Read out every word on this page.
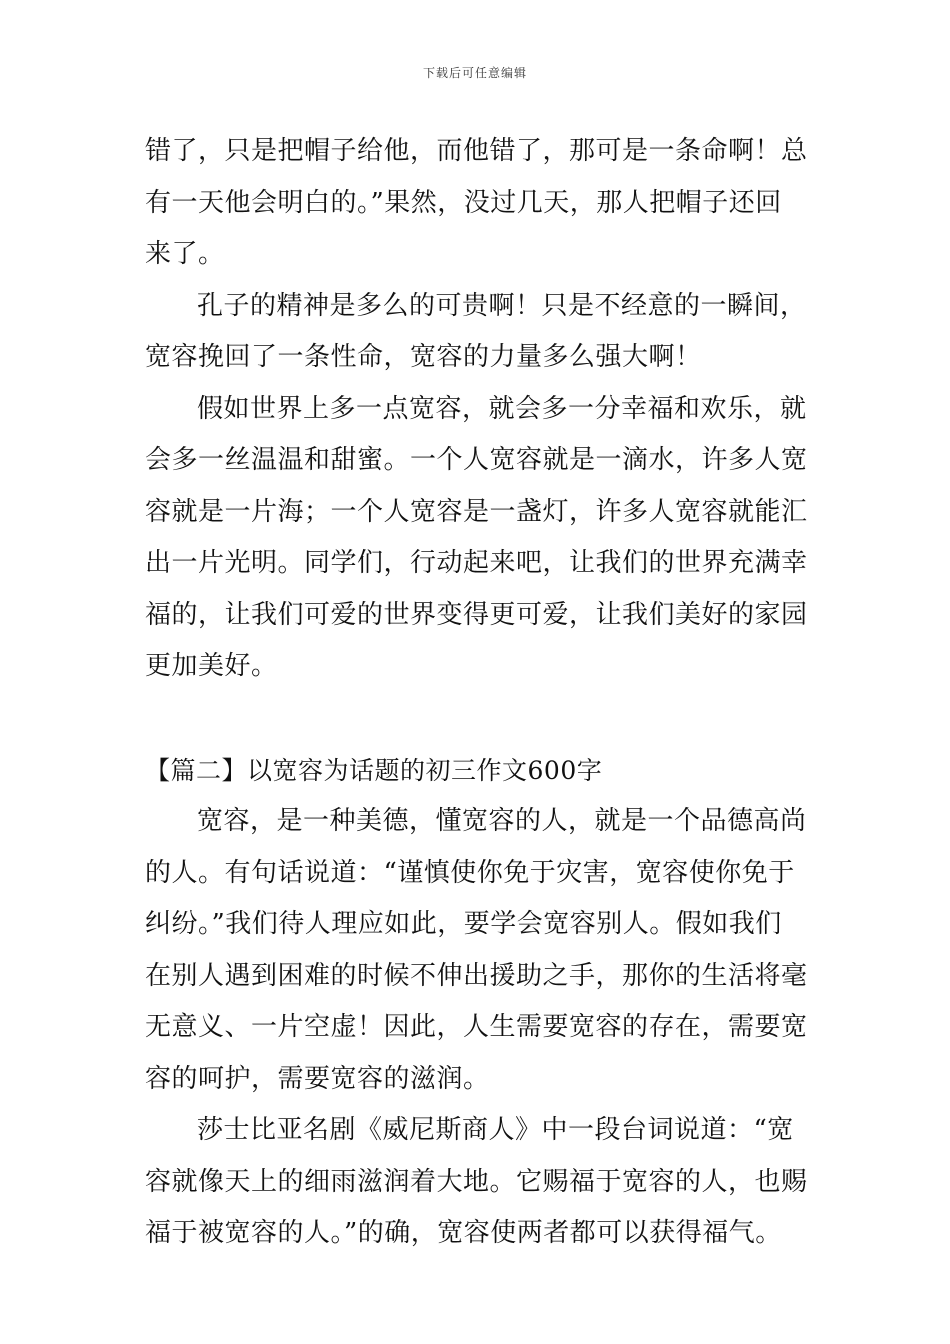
下载后可任意编辑
错了，只是把帽子给他，而他错了，那可是一条命啊！总
有一天他会明白的。”果然，没过几天，那人把帽子还回
来了。
孔子的精神是多么的可贵啊！只是不经意的一瞬间，
宽容挽回了一条性命，宽容的力量多么强大啊！
假如世界上多一点宽容，就会多一分幸福和欢乐，就
会多一丝温温和甜蜜。一个人宽容就是一滴水，许多人宽
容就是一片海；一个人宽容是一盏灯，许多人宽容就能汇
出一片光明。同学们，行动起来吧，让我们的世界充满幸
福的，让我们可爱的世界变得更可爱，让我们美好的家园
更加美好。
【篇二】以宽容为话题的初三作文600字
宽容，是一种美德，懂宽容的人，就是一个品德高尚
的人。有句话说道：“谨慎使你免于灾害，宽容使你免于
纠纷。”我们待人理应如此，要学会宽容别人。假如我们
在别人遇到困难的时候不伸出援助之手，那你的生活将毫
无意义、一片空虚！因此，人生需要宽容的存在，需要宽
容的呵护，需要宽容的滋润。
莎士比亚名剧《威尼斯商人》中一段台词说道：“宽
容就像天上的细雨滋润着大地。它赐福于宽容的人，也赐
福于被宽容的人。”的确，宽容使两者都可以获得福气。
